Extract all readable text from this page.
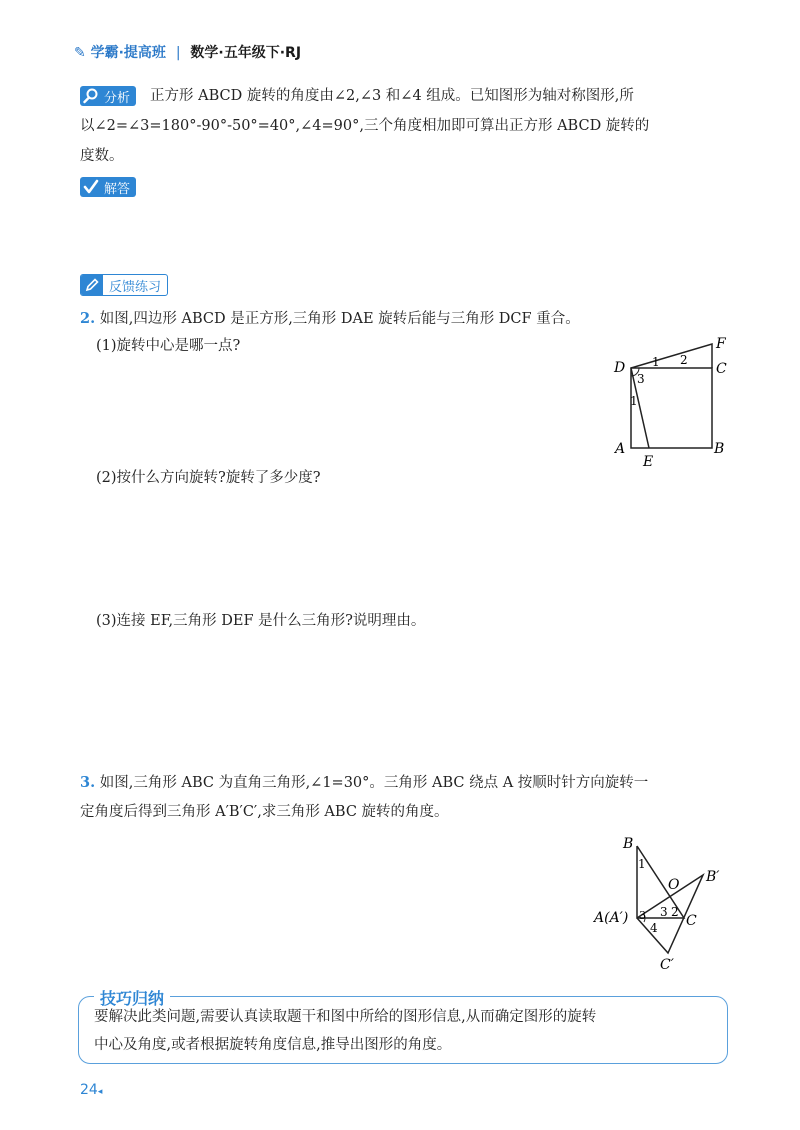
✎ 学霸·提高班 | 数学·五年级下·RJ
分析	正方形 ABCD 旋转的角度由∠2,∠3 和∠4 组成。已知图形为轴对称图形,所
以∠2=∠3=180°-90°-50°=40°,∠4=90°,三个角度相加即可算出正方形 ABCD 旋转的
度数。
解答
反馈练习
2. 如图,四边形 ABCD 是正方形,三角形 DAE 旋转后能与三角形 DCF 重合。
(1)旋转中心是哪一点?
(2)按什么方向旋转?旋转了多少度?
(3)连接 EF,三角形 DEF 是什么三角形?说明理由。
D
F
C
A
E
B
1 2
3
1
3. 如图,三角形 ABC 为直角三角形,∠1=30°。三角形 ABC 绕点 A 按顺时针方向旋转一
定角度后得到三角形 A′B′C′,求三角形 ABC 旋转的角度。
B
B′
O
A(A′)	C
C′
1
2
3
3
4
技巧归纳
要解决此类问题,需要认真读取题干和图中所给的图形信息,从而确定图形的旋转
中心及角度,或者根据旋转角度信息,推导出图形的角度。
24◂
